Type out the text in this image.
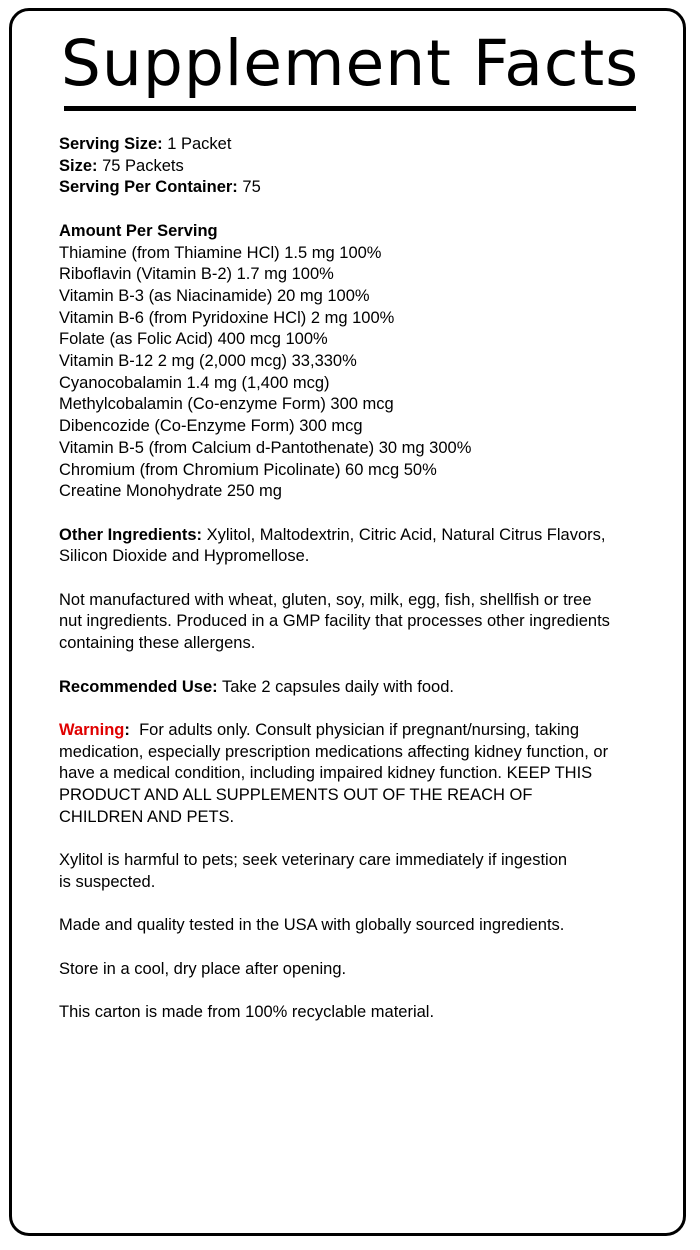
Supplement Facts
Serving Size: 1 Packet
Size: 75 Packets
Serving Per Container: 75
Amount Per Serving
Thiamine (from Thiamine HCl) 1.5 mg 100%
Riboflavin (Vitamin B-2) 1.7 mg 100%
Vitamin B-3 (as Niacinamide) 20 mg 100%
Vitamin B-6 (from Pyridoxine HCl) 2 mg 100%
Folate (as Folic Acid) 400 mcg 100%
Vitamin B-12 2 mg (2,000 mcg) 33,330%
Cyanocobalamin 1.4 mg (1,400 mcg)
Methylcobalamin (Co-enzyme Form) 300 mcg
Dibencozide (Co-Enzyme Form) 300 mcg
Vitamin B-5 (from Calcium d-Pantothenate) 30 mg 300%
Chromium (from Chromium Picolinate) 60 mcg 50%
Creatine Monohydrate 250 mg
Other Ingredients: Xylitol, Maltodextrin, Citric Acid, Natural Citrus Flavors,
Silicon Dioxide and Hypromellose.
Not manufactured with wheat, gluten, soy, milk, egg, fish, shellfish or tree
nut ingredients. Produced in a GMP facility that processes other ingredients
containing these allergens.
Recommended Use: Take 2 capsules daily with food.
Warning: For adults only. Consult physician if pregnant/nursing, taking
medication, especially prescription medications affecting kidney function, or
have a medical condition, including impaired kidney function. KEEP THIS
PRODUCT AND ALL SUPPLEMENTS OUT OF THE REACH OF
CHILDREN AND PETS.
Xylitol is harmful to pets; seek veterinary care immediately if ingestion
is suspected.
Made and quality tested in the USA with globally sourced ingredients.
Store in a cool, dry place after opening.
This carton is made from 100% recyclable material.
